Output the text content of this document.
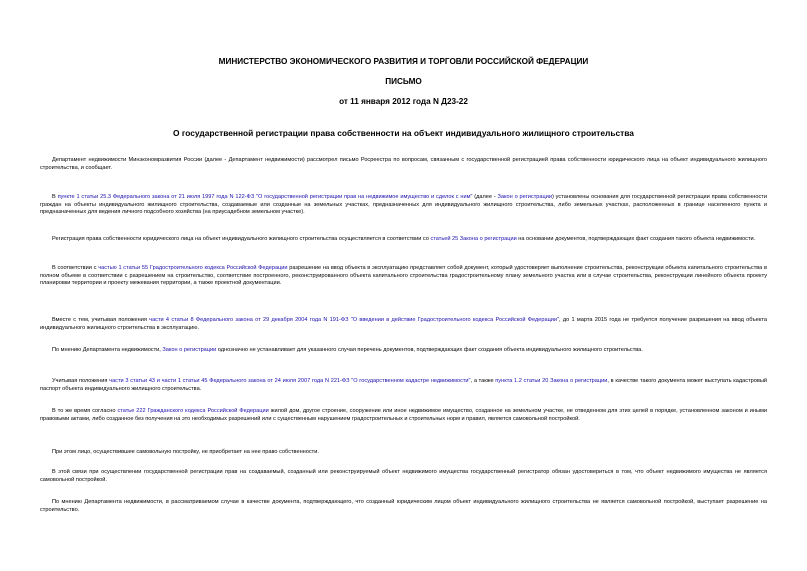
МИНИСТЕРСТВО ЭКОНОМИЧЕСКОГО РАЗВИТИЯ И ТОРГОВЛИ РОССИЙСКОЙ ФЕДЕРАЦИИ
ПИСЬМО
от 11 января 2012 года N Д23-22
О государственной регистрации права собственности на объект индивидуального жилищного строительства
Департамент недвижимости Минэкономразвития России (далее - Департамент недвижимости) рассмотрел письмо Росреестра по вопросам, связанным с государственной регистрацией права собственности юридического лица на объект индивидуального жилищного строительства, и сообщает.
В пункте 1 статьи 25.3 Федерального закона от 21 июля 1997 года N 122-ФЗ "О государственной регистрации прав на недвижимое имущество и сделок с ним" (далее - Закон о регистрации) установлены основания для государственной регистрации права собственности граждан на объекты индивидуального жилищного строительства, создаваемые или созданные на земельных участках, предназначенных для индивидуального жилищного строительства, либо земельных участках, расположенных в границе населенного пункта и предназначенных для ведения личного подсобного хозяйства (на приусадебном земельном участке).
Регистрация права собственности юридического лица на объект индивидуального жилищного строительства осуществляется в соответствии со статьей 25 Закона о регистрации на основании документов, подтверждающих факт создания такого объекта недвижимости.
В соответствии с частью 1 статьи 55 Градостроительного кодекса Российской Федерации разрешение на ввод объекта в эксплуатацию представляет собой документ, который удостоверяет выполнение строительства, реконструкции объекта капитального строительства в полном объеме в соответствии с разрешением на строительство, соответствие построенного, реконструированного объекта капитального строительства градостроительному плану земельного участка или в случае строительства, реконструкции линейного объекта проекту планировки территории и проекту межевания территории, а также проектной документации.
Вместе с тем, учитывая положения части 4 статьи 8 Федерального закона от 29 декабря 2004 года N 191-ФЗ "О введении в действие Градостроительного кодекса Российской Федерации", до 1 марта 2015 года не требуется получение разрешения на ввод объекта индивидуального жилищного строительства в эксплуатацию.
По мнению Департамента недвижимости, Закон о регистрации однозначно не устанавливает для указанного случая перечень документов, подтверждающих факт создания объекта индивидуального жилищного строительства.
Учитывая положения части 3 статьи 43 и части 1 статьи 45 Федерального закона от 24 июля 2007 года N 221-ФЗ "О государственном кадастре недвижимости", а также пункта 1.2 статьи 20 Закона о регистрации, в качестве такого документа может выступать кадастровый паспорт объекта индивидуального жилищного строительства.
В то же время согласно статье 222 Гражданского кодекса Российской Федерации жилой дом, другое строение, сооружение или иное недвижимое имущество, созданное на земельном участке, не отведенном для этих целей в порядке, установленном законом и иными правовыми актами, либо созданное без получения на это необходимых разрешений или с существенным нарушением градостроительных и строительных норм и правил, является самовольной постройкой.
При этом лицо, осуществившее самовольную постройку, не приобретает на нее право собственности.
В этой связи при осуществлении государственной регистрации прав на создаваемый, созданный или реконструируемый объект недвижимого имущества государственный регистратор обязан удостовериться в том, что объект недвижимого имущества не является самовольной постройкой.
По мнению Департамента недвижимости, в рассматриваемом случае в качестве документа, подтверждающего, что созданный юридическим лицом объект индивидуального жилищного строительства не является самовольной постройкой, выступает разрешение на строительство.
